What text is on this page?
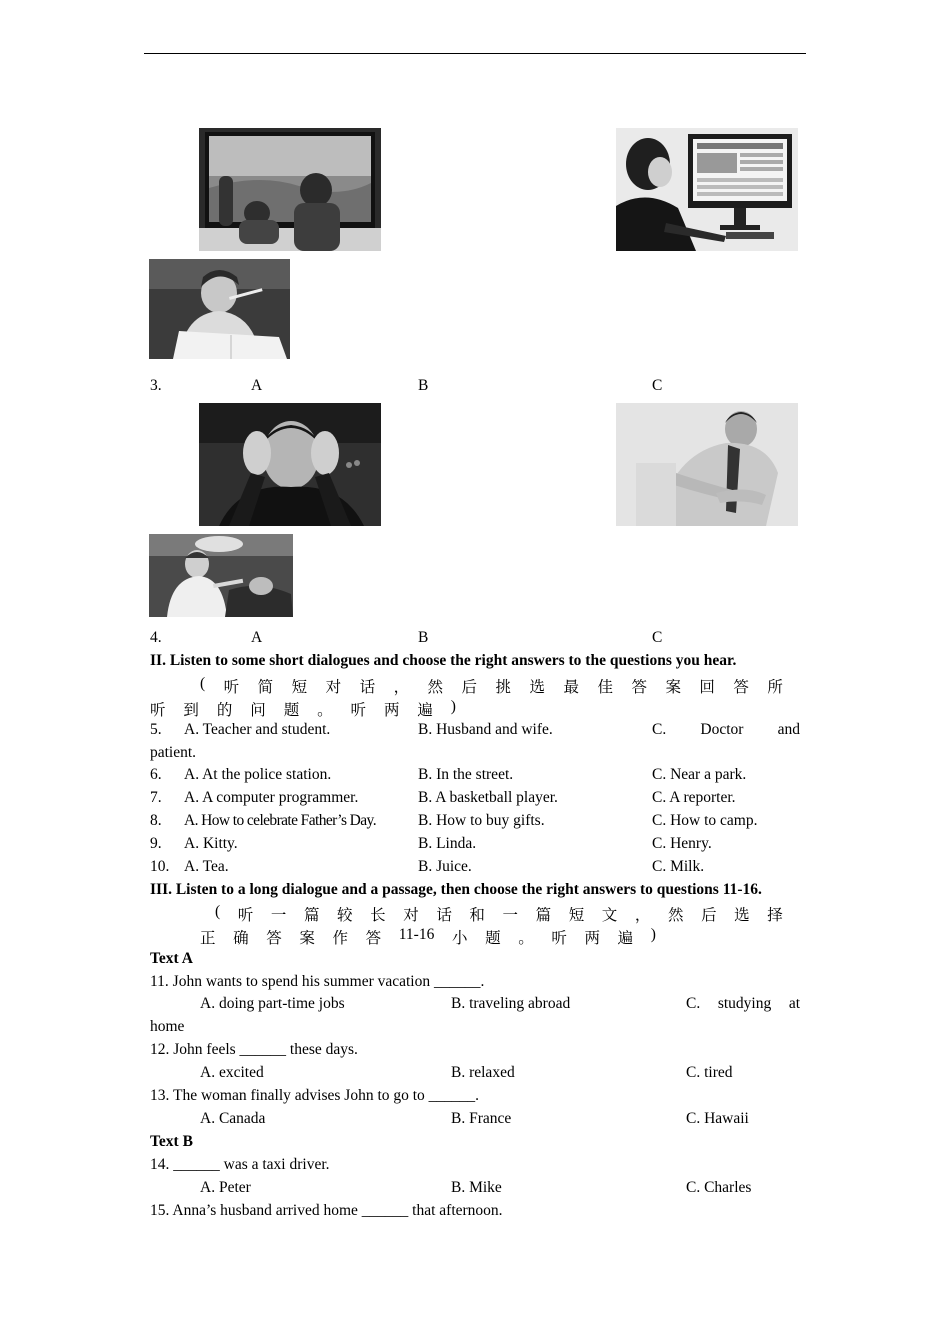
3.	A	B	C
4.	A	B	C
II. Listen to some short dialogues and choose the right answers to the questions you hear.
( 听 简 短 对 话 ， 然 后 挑 选 最 佳 答 案 回 答 所
听 到 的 问 题 。 听 两 遍 )
5. A. Teacher and student.	B. Husband and wife.	C. Doctor and
patient.
6. A. At the police station.	B. In the street.	C. Near a park.
7. A. A computer programmer.	B. A basketball player.	C. A reporter.
8. A. How to celebrate Father’s Day.	B. How to buy gifts.	C. How to camp.
9. A. Kitty.	B. Linda.	C. Henry.
10. A. Tea.	B. Juice.	C. Milk.
III. Listen to a long dialogue and a passage, then choose the right answers to questions 11-16.
( 听 一 篇 较 长 对 话 和 一 篇 短 文 ， 然 后 选 择
正 确 答 案 作 答 11-16 小 题 。 听 两 遍 )
Text A
11. John wants to spend his summer vacation ______.
A. doing part-time jobs	B. traveling abroad	C. studying at
home
12. John feels ______ these days.
A. excited	B. relaxed	C. tired
13. The woman finally advises John to go to ______.
A. Canada	B. France	C. Hawaii
Text B
14. ______ was a taxi driver.
A. Peter	B. Mike	C. Charles
15. Anna’s husband arrived home ______ that afternoon.
